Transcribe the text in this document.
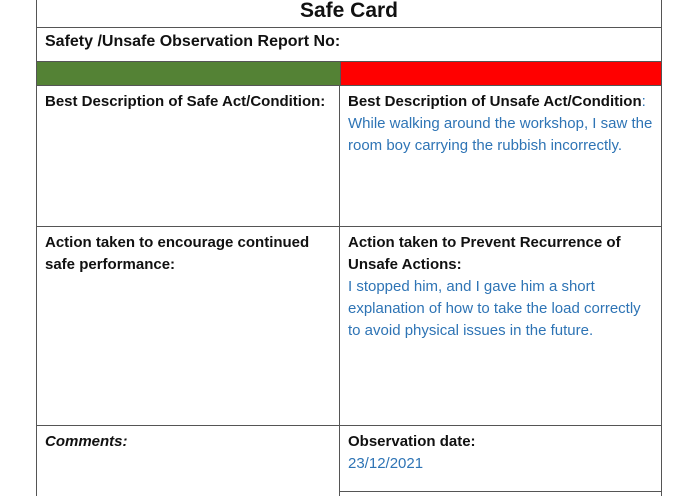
Safe Card
Safety /Unsafe Observation Report No:
Best Description of Safe Act/Condition:	Best Description of Unsafe Act/Condition:
While walking around the workshop, I saw the room boy carrying the rubbish incorrectly.
Action taken to encourage continued safe performance:
Action taken to Prevent Recurrence of Unsafe Actions:
I stopped him, and I gave him a short explanation of how to take the load correctly to avoid physical issues in the future.
Comments:	Observation date:
23/12/2021
